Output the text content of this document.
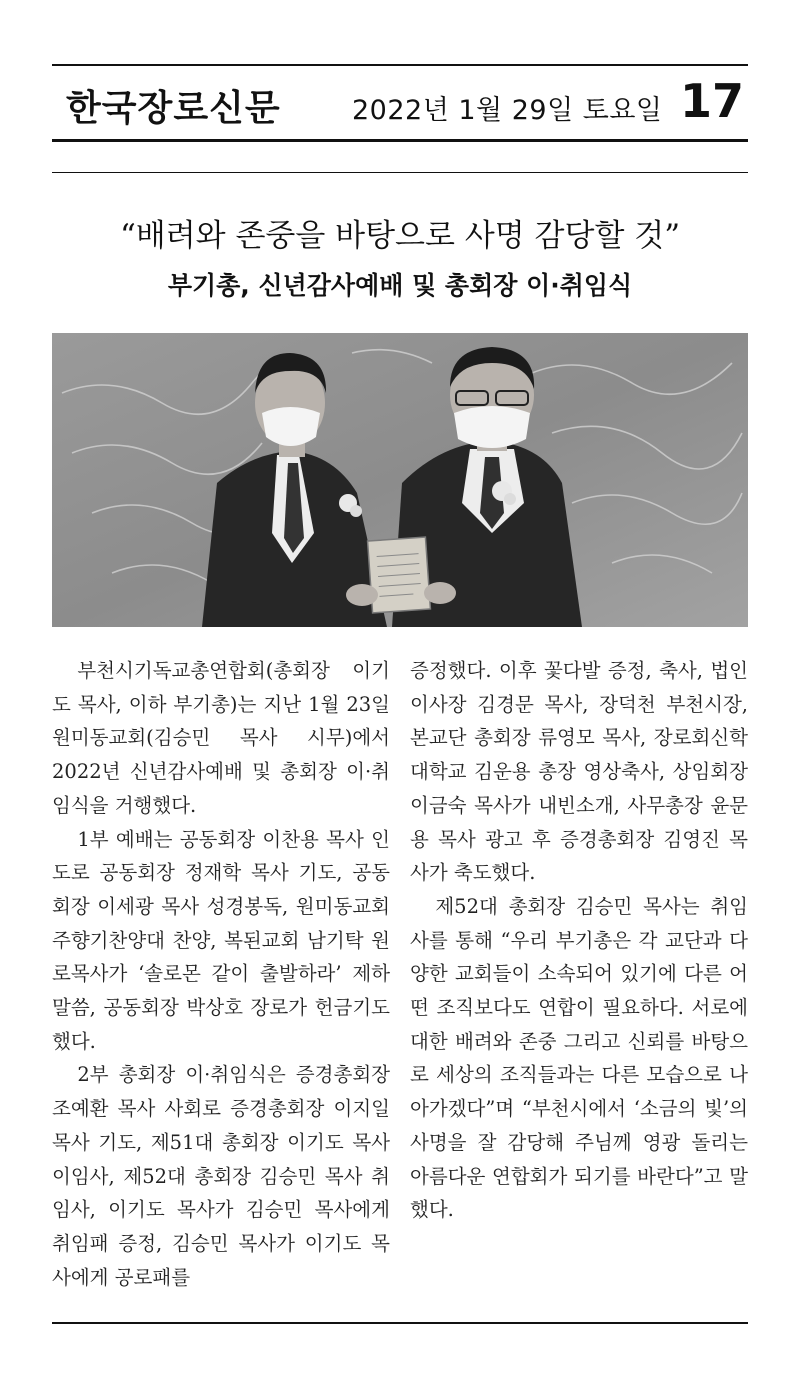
한국장로신문	2022년 1월 29일 토요일 17
“배려와 존중을 바탕으로 사명 감당할 것”
부기총, 신년감사예배 및 총회장 이·취임식

부천시기독교총연합회(총회장 이기도 목사, 이하 부기총)는 지난 1월 23일 원미동교회(김승민 목사 시무)에서 2022년 신년감사예배 및 총회장 이·취임식을 거행했다.

1부 예배는 공동회장 이찬용 목사 인도로 공동회장 정재학 목사 기도, 공동회장 이세광 목사 성경봉독, 원미동교회 주향기찬양대 찬양, 복된교회 남기탁 원로목사가 ‘솔로몬 같이 출발하라’ 제하 말씀, 공동회장 박상호 장로가 헌금기도했다.

2부 총회장 이·취임식은 증경총회장 조예환 목사 사회로 증경총회장 이지일 목사 기도, 제51대 총회장 이기도 목사 이임사, 제52대 총회장 김승민 목사 취임사, 이기도 목사가 김승민 목사에게 취임패 증정, 김승민 목사가 이기도 목사에게 공로패를

증정했다. 이후 꽃다발 증정, 축사, 법인이사장 김경문 목사, 장덕천 부천시장, 본교단 총회장 류영모 목사, 장로회신학대학교 김운용 총장 영상축사, 상임회장 이금숙 목사가 내빈소개, 사무총장 윤문용 목사 광고 후 증경총회장 김영진 목사가 축도했다.

제52대 총회장 김승민 목사는 취임사를 통해 “우리 부기총은 각 교단과 다양한 교회들이 소속되어 있기에 다른 어떤 조직보다도 연합이 필요하다. 서로에 대한 배려와 존중 그리고 신뢰를 바탕으로 세상의 조직들과는 다른 모습으로 나아가겠다”며 “부천시에서 ‘소금의 빛’의 사명을 잘 감당해 주님께 영광 돌리는 아름다운 연합회가 되기를 바란다”고 말했다.
